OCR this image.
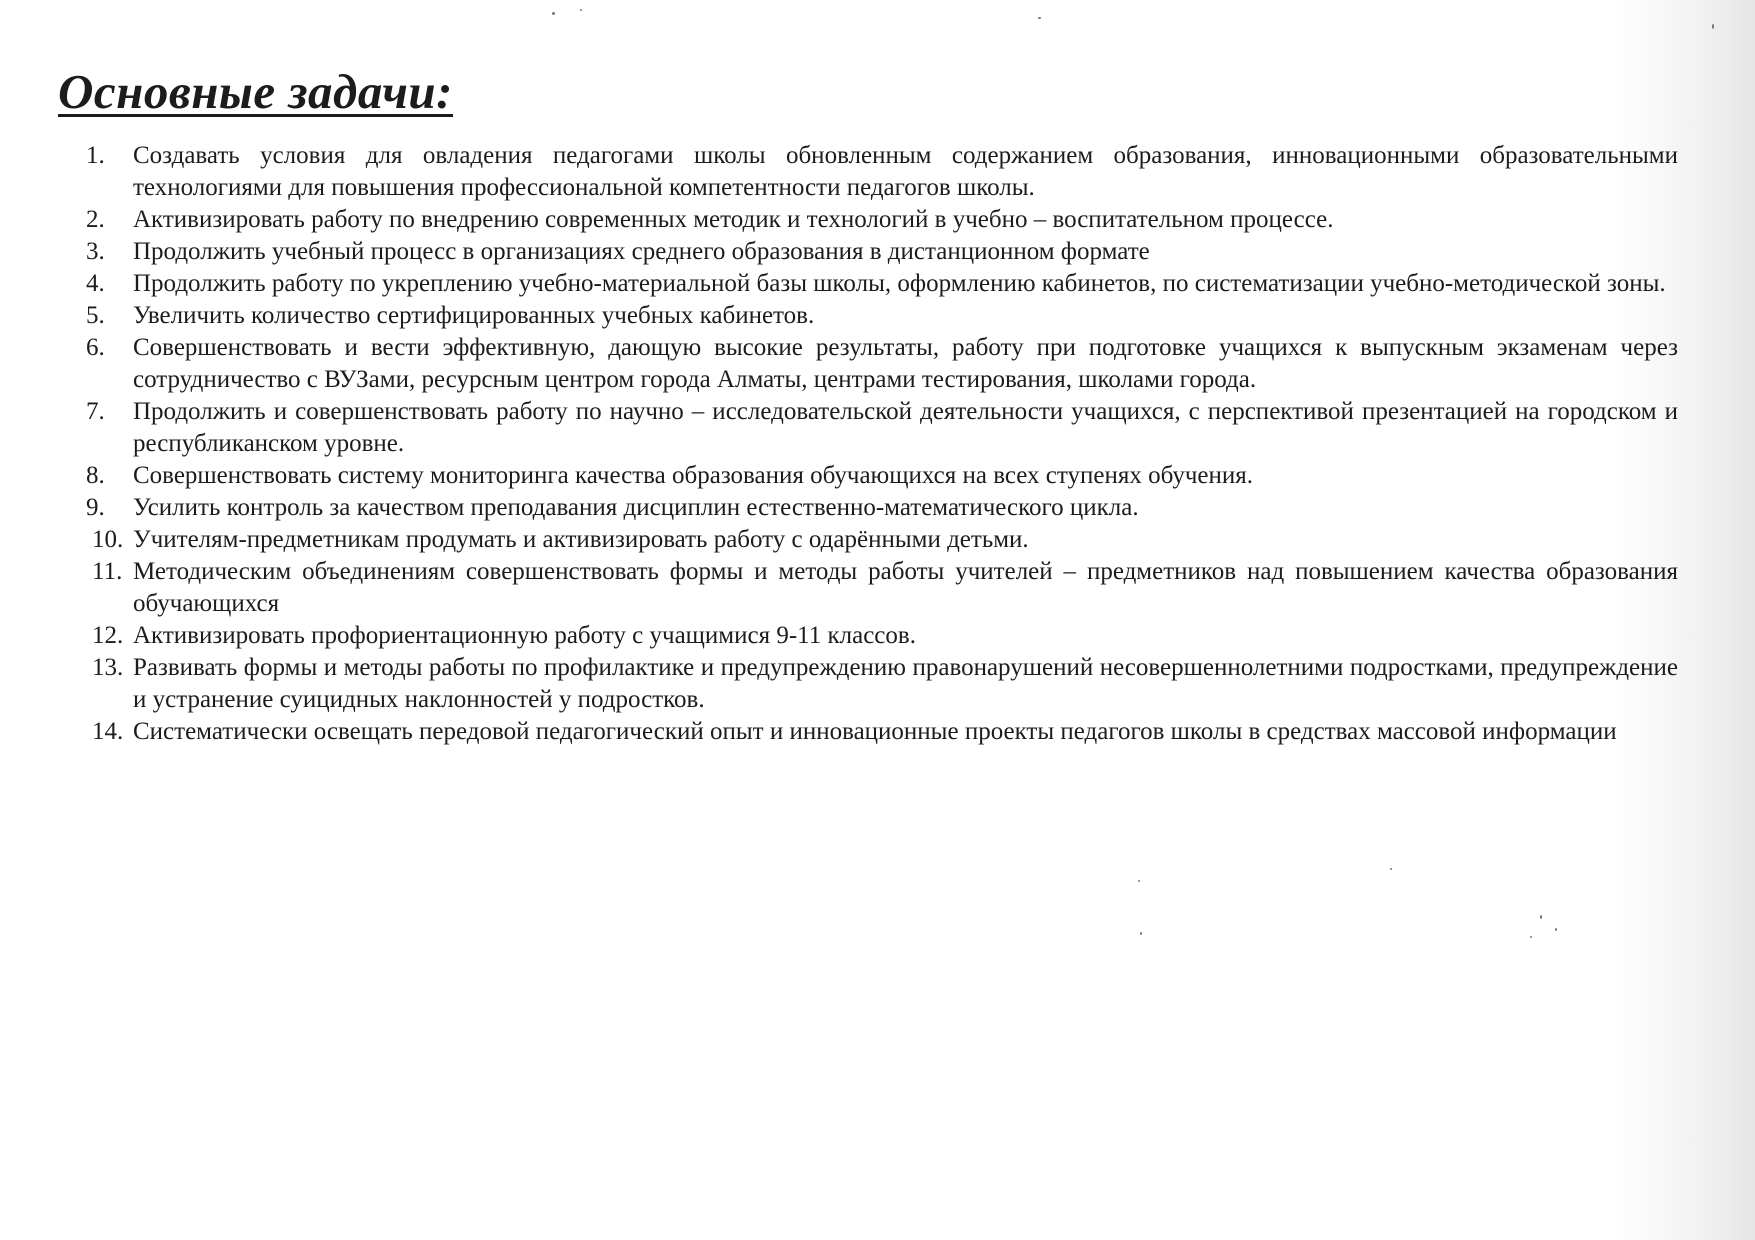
Основные задачи:
1.	Создавать условия для овладения педагогами школы обновленным содержанием образования, инновационными образовательными технологиями для повышения профессиональной компетентности педагогов школы.
2.	Активизировать работу по внедрению современных методик и технологий в учебно – воспитательном процессе.
3.	Продолжить учебный процесс в организациях среднего образования в дистанционном формате
4.	Продолжить работу по укреплению учебно-материальной базы школы, оформлению кабинетов, по систематизации учебно-методической зоны.
5.	Увеличить количество сертифицированных учебных кабинетов.
6.	Совершенствовать и вести эффективную, дающую высокие результаты, работу при подготовке учащихся к выпускным экзаменам через сотрудничество с ВУЗами, ресурсным центром города Алматы, центрами тестирования, школами города.
7.	Продолжить и совершенствовать работу по научно – исследовательской деятельности учащихся, с перспективой презентацией на городском и республиканском уровне.
8.	Совершенствовать систему мониторинга качества образования обучающихся на всех ступенях обучения.
9.	Усилить контроль за качеством преподавания дисциплин естественно-математического цикла.
10. Учителям-предметникам продумать и активизировать работу с одарёнными детьми.
11. Методическим объединениям совершенствовать формы и методы работы учителей – предметников над повышением качества образования обучающихся
12. Активизировать профориентационную работу с учащимися 9-11 классов.
13. Развивать формы и методы работы по профилактике и предупреждению правонарушений несовершеннолетними подростками, предупреждение и устранение суицидных наклонностей у подростков.
14. Систематически освещать передовой педагогический опыт и инновационные проекты педагогов школы в средствах массовой информации
